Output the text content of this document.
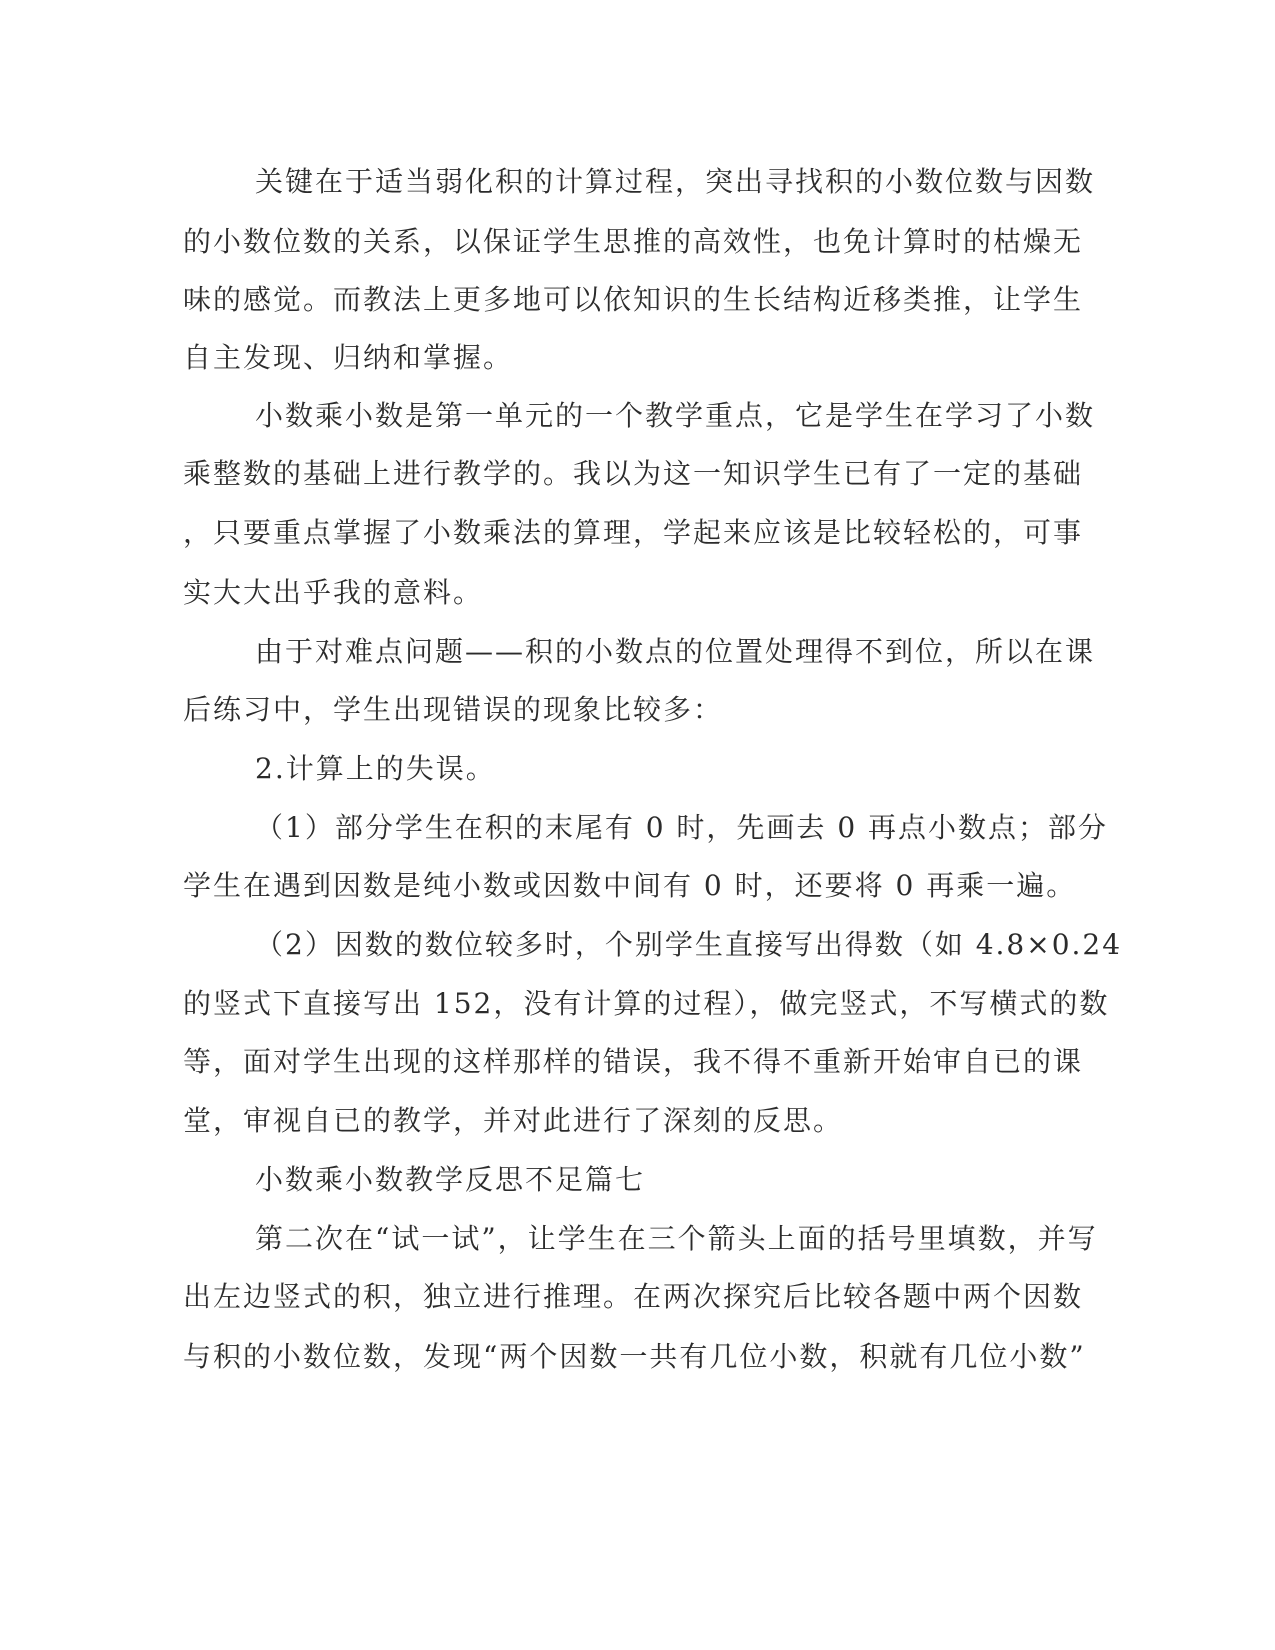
关键在于适当弱化积的计算过程，突出寻找积的小数位数与因数
的小数位数的关系，以保证学生思推的高效性，也免计算时的枯燥无
味的感觉。而教法上更多地可以依知识的生长结构近移类推，让学生
自主发现、归纳和掌握。
小数乘小数是第一单元的一个教学重点，它是学生在学习了小数
乘整数的基础上进行教学的。我以为这一知识学生已有了一定的基础
，只要重点掌握了小数乘法的算理，学起来应该是比较轻松的，可事
实大大出乎我的意料。
由于对难点问题——积的小数点的位置处理得不到位，所以在课
后练习中，学生出现错误的现象比较多：
2.计算上的失误。
（1）部分学生在积的末尾有 0 时，先画去 0 再点小数点；部分
学生在遇到因数是纯小数或因数中间有 0 时，还要将 0 再乘一遍。
（2）因数的数位较多时，个别学生直接写出得数（如 4.8×0.24
的竖式下直接写出 152，没有计算的过程），做完竖式，不写横式的数
等，面对学生出现的这样那样的错误，我不得不重新开始审自已的课
堂，审视自已的教学，并对此进行了深刻的反思。
小数乘小数教学反思不足篇七
第二次在“试一试”，让学生在三个箭头上面的括号里填数，并写
出左边竖式的积，独立进行推理。在两次探究后比较各题中两个因数
与积的小数位数，发现“两个因数一共有几位小数，积就有几位小数”
